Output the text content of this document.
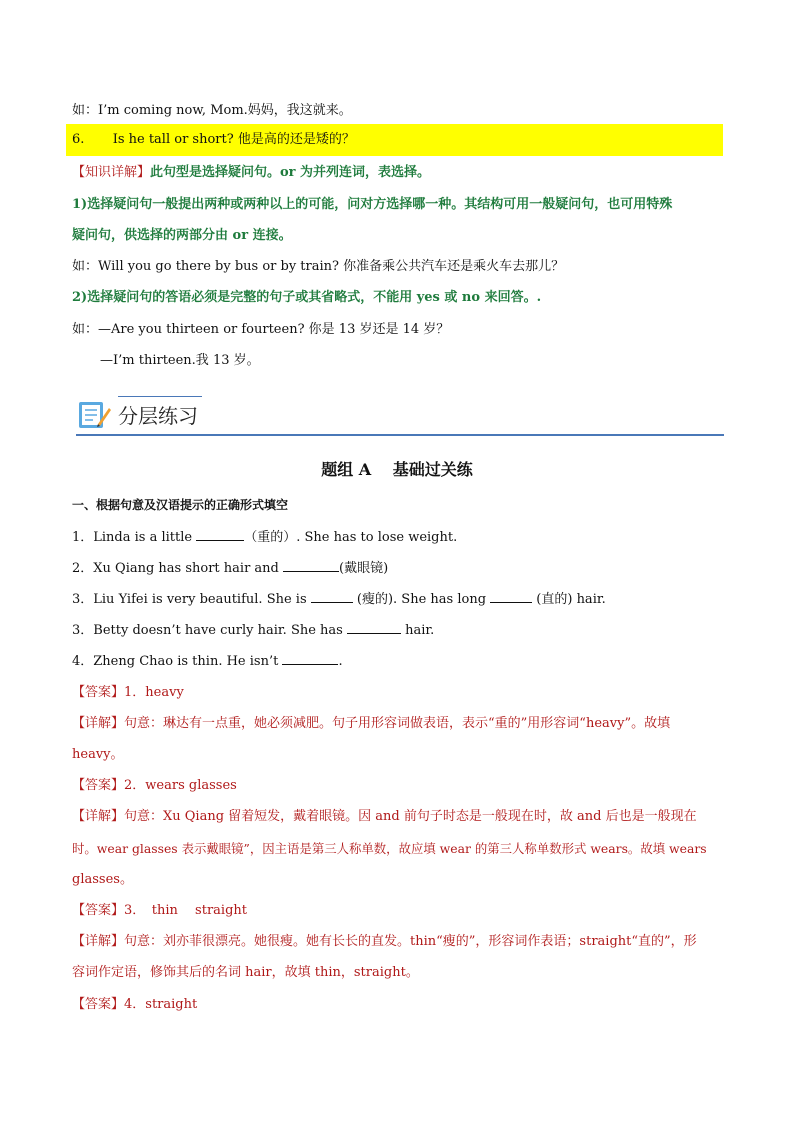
如：I’m coming now, Mom.妈妈，我这就来。
6. Is he tall or short? 他是高的还是矮的？
【知识详解】此句型是选择疑问句。or 为并列连词，表选择。
1)选择疑问句一般提出两种或两种以上的可能，问对方选择哪一种。其结构可用一般疑问句，也可用特殊
疑问句，供选择的两部分由 or 连接。
如：Will you go there by bus or by train? 你准备乘公共汽车还是乘火车去那儿？
2)选择疑问句的答语必须是完整的句子或其省略式，不能用 yes 或 no 来回答。.
如：—Are you thirteen or fourteen? 你是 13 岁还是 14 岁？
—I’m thirteen.我 13 岁。
分层练习
题组 A　 基础过关练
一、根据句意及汉语提示的正确形式填空
1．Linda is a little	（重的）. She has to lose weight.
2．Xu Qiang has short hair and	(戴眼镜)
3．Liu Yifei is very beautiful. She is	(瘦的). She has long	(直的) hair.
3．Betty doesn’t have curly hair. She has	hair.
4．Zheng Chao is thin. He isn’t	.
【答案】1．heavy
【详解】句意：琳达有一点重，她必须减肥。句子用形容词做表语，表示“重的”用形容词“heavy”。故填
heavy。
【答案】2．wears glasses
【详解】句意：Xu Qiang 留着短发，戴着眼镜。因 and 前句子时态是一般现在时，故 and 后也是一般现在
时。wear glasses 表示戴眼镜”，因主语是第三人称单数，故应填 wear 的第三人称单数形式 wears。故填 wears
glasses。
【答案】3．　thin　 straight
【详解】句意：刘亦菲很漂亮。她很瘦。她有长长的直发。thin“瘦的”，形容词作表语；straight“直的”，形
容词作定语，修饰其后的名词 hair，故填 thin，straight。
【答案】4．straight
